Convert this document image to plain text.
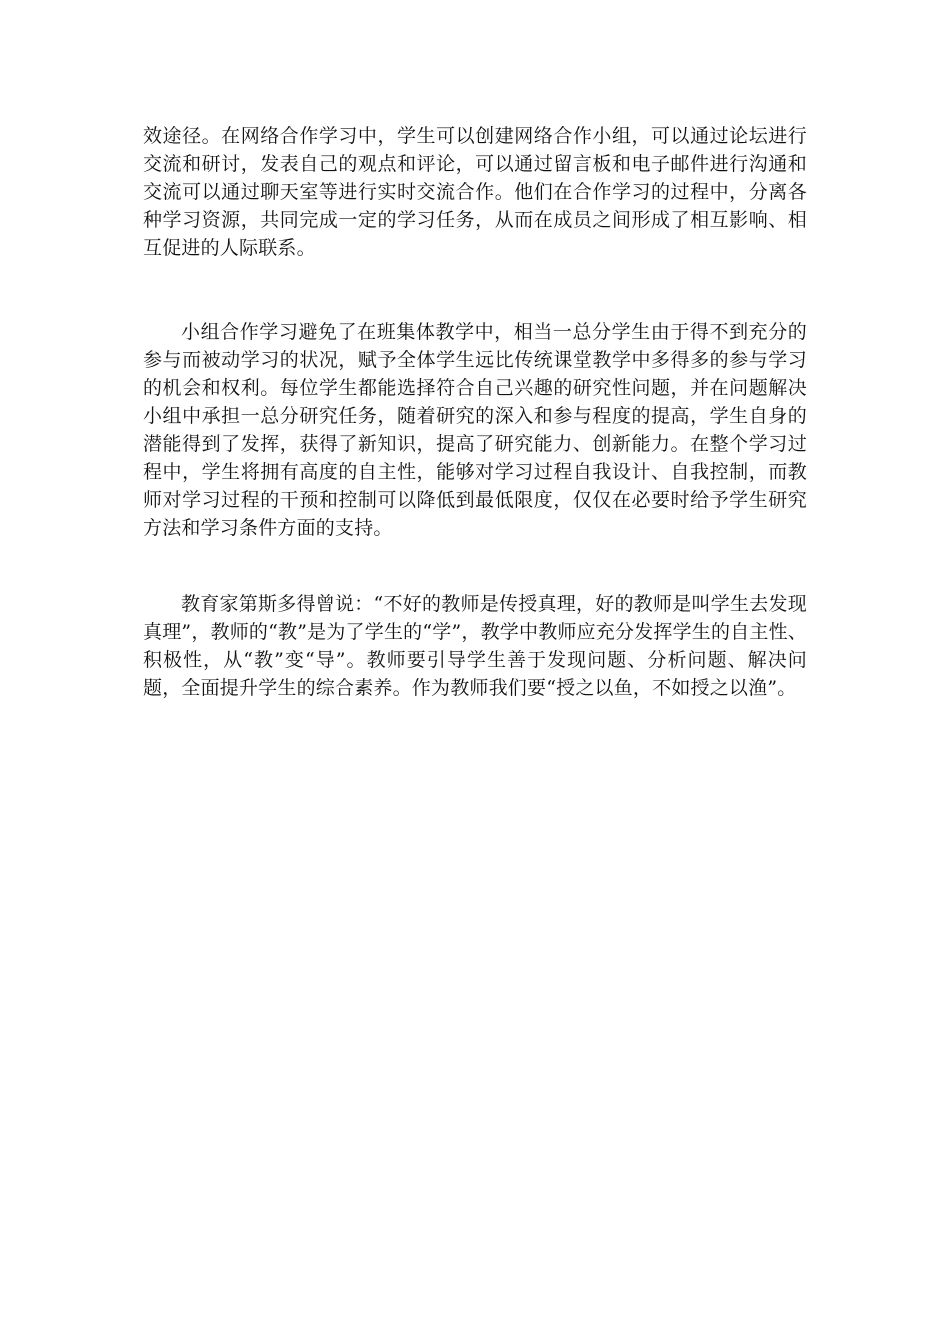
效途径。在网络合作学习中，学生可以创建网络合作小组，可以通过论坛进行交流和研讨，发表自己的观点和评论，可以通过留言板和电子邮件进行沟通和交流可以通过聊天室等进行实时交流合作。他们在合作学习的过程中，分离各种学习资源，共同完成一定的学习任务，从而在成员之间形成了相互影响、相互促进的人际联系。

小组合作学习避免了在班集体教学中，相当一总分学生由于得不到充分的参与而被动学习的状况，赋予全体学生远比传统课堂教学中多得多的参与学习的机会和权利。每位学生都能选择符合自己兴趣的研究性问题，并在问题解决小组中承担一总分研究任务，随着研究的深入和参与程度的提高，学生自身的潜能得到了发挥，获得了新知识，提高了研究能力、创新能力。在整个学习过程中，学生将拥有高度的自主性，能够对学习过程自我设计、自我控制，而教师对学习过程的干预和控制可以降低到最低限度，仅仅在必要时给予学生研究方法和学习条件方面的支持。

教育家第斯多得曾说：“不好的教师是传授真理，好的教师是叫学生去发现真理”，教师的“教”是为了学生的“学”，教学中教师应充分发挥学生的自主性、积极性，从“教”变“导”。教师要引导学生善于发现问题、分析问题、解决问题，全面提升学生的综合素养。作为教师我们要“授之以鱼，不如授之以渔”。
